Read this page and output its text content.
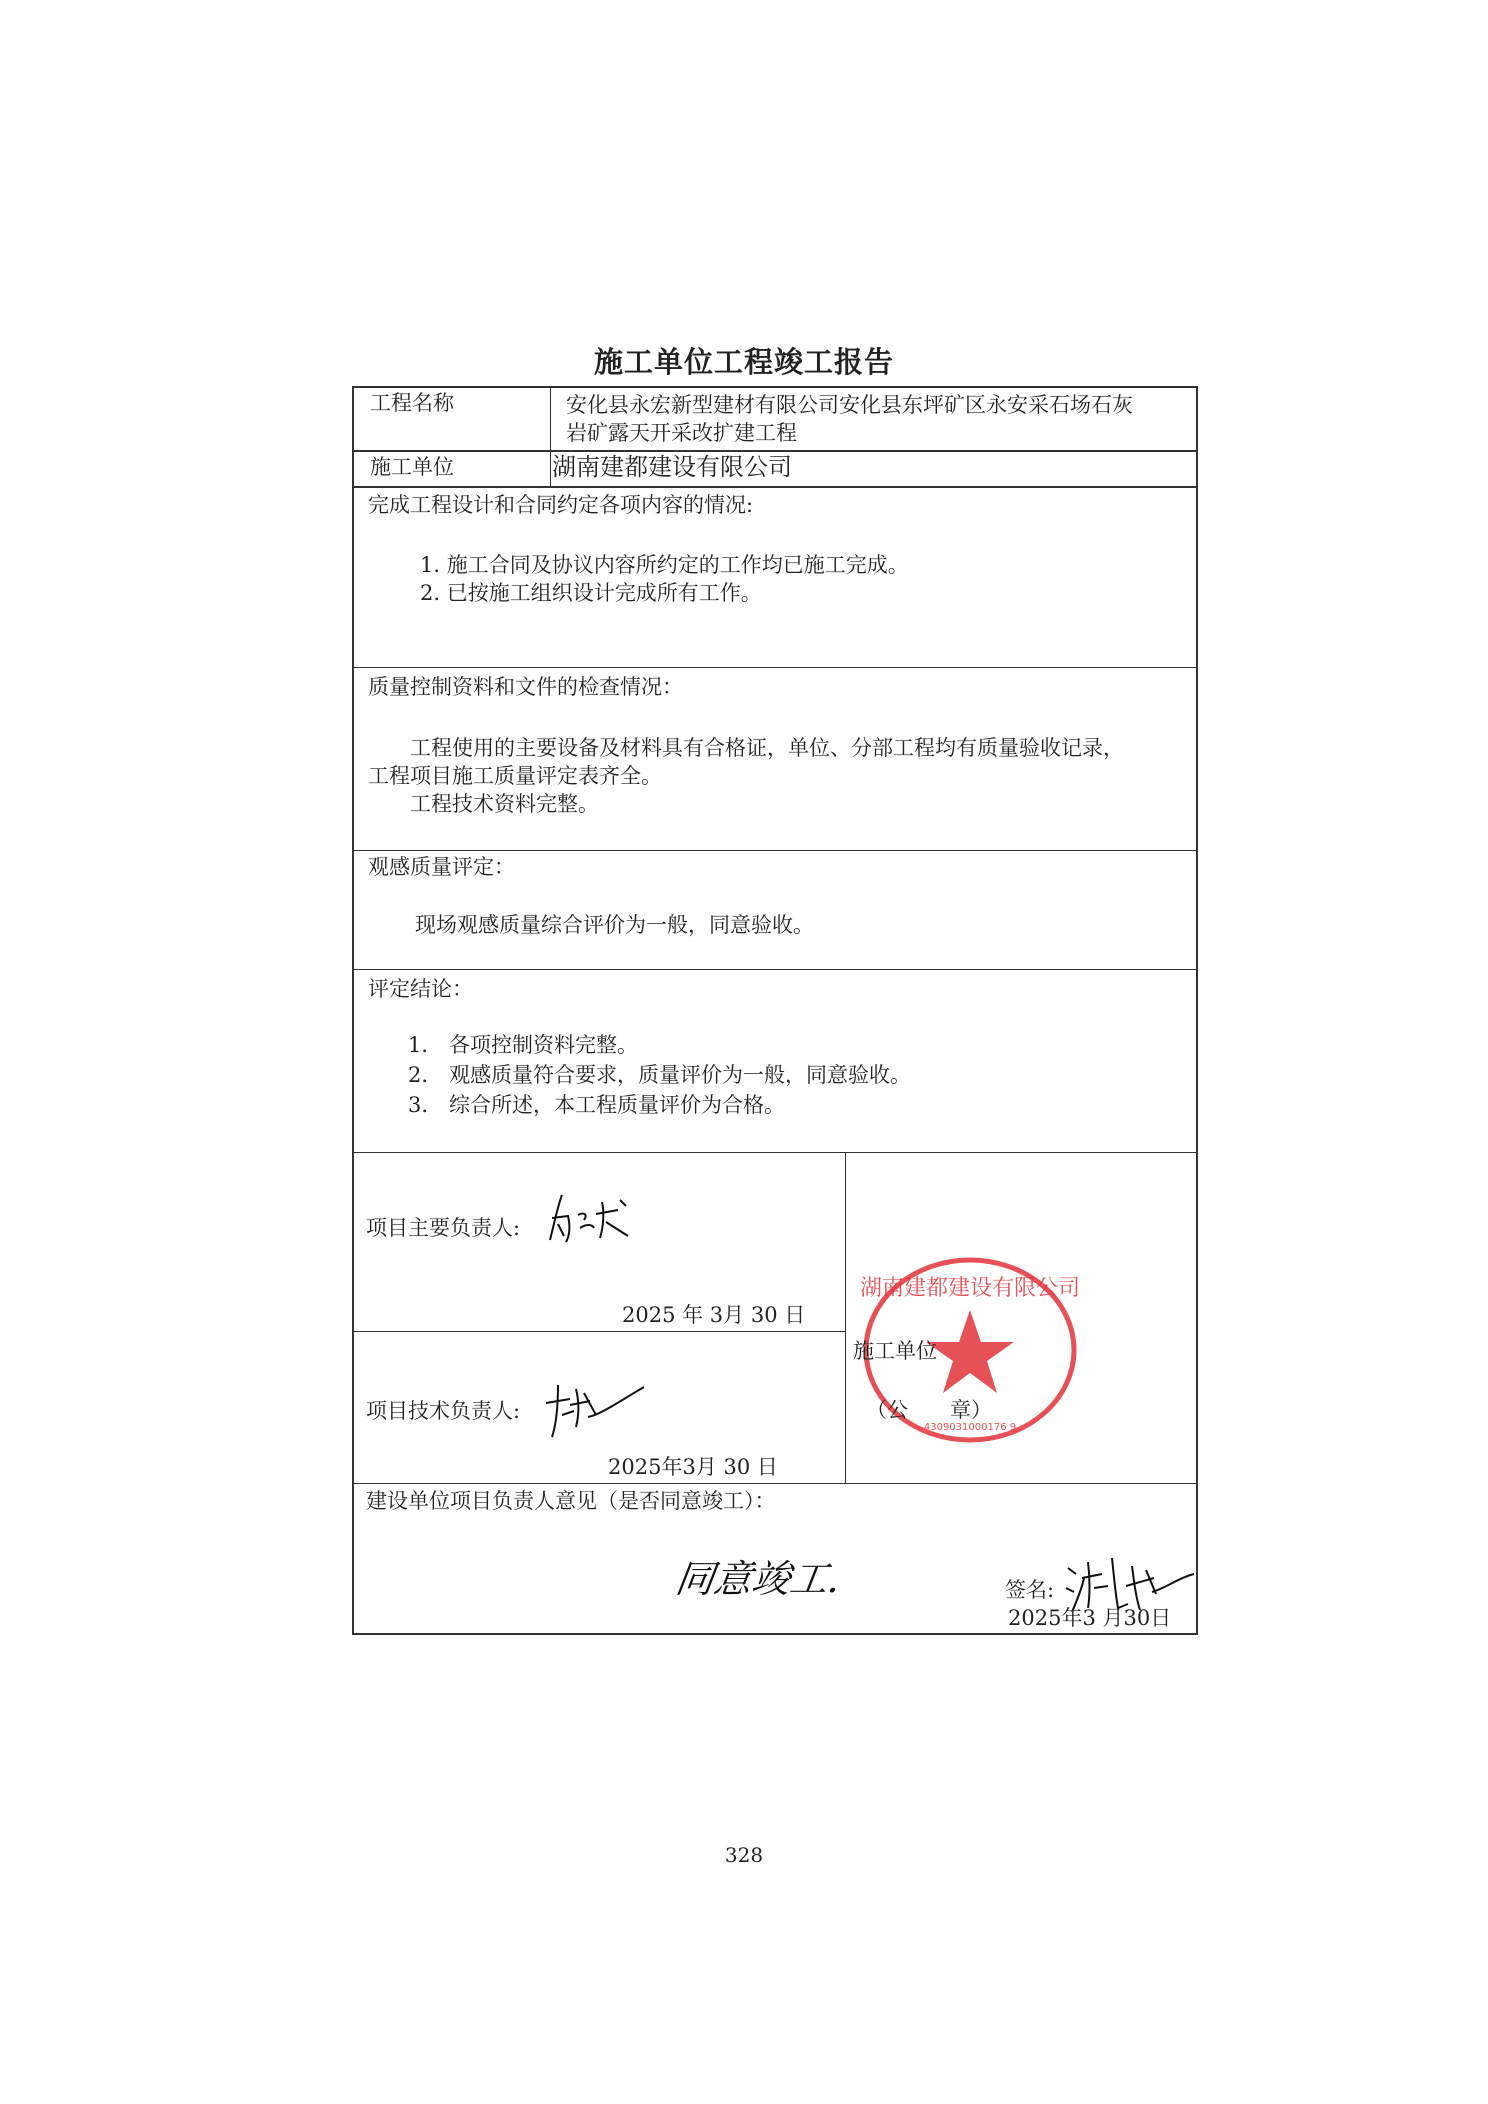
施工单位工程竣工报告
工程名称	安化县永宏新型建材有限公司安化县东坪矿区永安采石场石灰
岩矿露天开采改扩建工程
施工单位	湖南建都建设有限公司
完成工程设计和合同约定各项内容的情况:
1. 施工合同及协议内容所约定的工作均已施工完成。
2. 已按施工组织设计完成所有工作。
质量控制资料和文件的检查情况：
工程使用的主要设备及材料具有合格证，单位、分部工程均有质量验收记录，
工程项目施工质量评定表齐全。
工程技术资料完整。
观感质量评定：
现场观感质量综合评价为一般，同意验收。
评定结论：
1． 各项控制资料完整。
2． 观感质量符合要求，质量评价为一般，同意验收。
3． 综合所述，本工程质量评价为合格。
项目主要负责人:
2025 年 3月 30 日
项目技术负责人:
2025年3月 30 日
湖南建都建设有限公司
4309031000176 9
施工单位
（公　　章）
建设单位项目负责人意见（是否同意竣工）：
同意竣工.	签名:
2025年3 月30日
328
